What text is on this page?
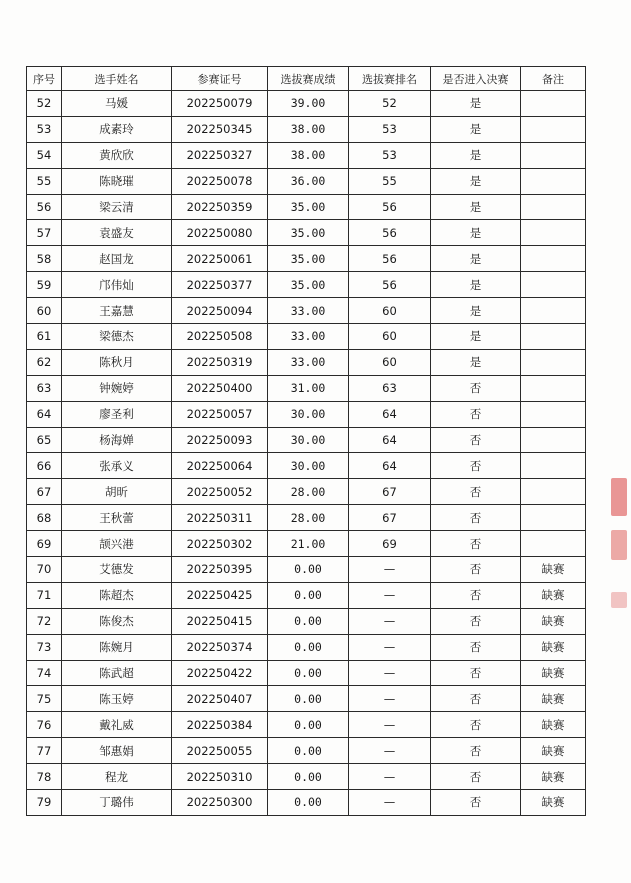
序号	选手姓名	参赛证号	选拔赛成绩	选拔赛排名	是否进入决赛	备注
52	马媛	202250079	39.00	52	是	
53	成素玲	202250345	38.00	53	是	
54	黄欣欣	202250327	38.00	53	是	
55	陈晓璀	202250078	36.00	55	是	
56	梁云清	202250359	35.00	56	是	
57	袁盛友	202250080	35.00	56	是	
58	赵国龙	202250061	35.00	56	是	
59	邝伟灿	202250377	35.00	56	是	
60	王嘉慧	202250094	33.00	60	是	
61	梁德杰	202250508	33.00	60	是	
62	陈秋月	202250319	33.00	60	是	
63	钟婉婷	202250400	31.00	63	否	
64	廖圣利	202250057	30.00	64	否	
65	杨海婵	202250093	30.00	64	否	
66	张承义	202250064	30.00	64	否	
67	胡昕	202250052	28.00	67	否	
68	王秋蕾	202250311	28.00	67	否	
69	颉兴港	202250302	21.00	69	否	
70	艾德发	202250395	0.00	—	否	缺赛
71	陈超杰	202250425	0.00	—	否	缺赛
72	陈俊杰	202250415	0.00	—	否	缺赛
73	陈婉月	202250374	0.00	—	否	缺赛
74	陈武超	202250422	0.00	—	否	缺赛
75	陈玉婷	202250407	0.00	—	否	缺赛
76	戴礼威	202250384	0.00	—	否	缺赛
77	邹惠娟	202250055	0.00	—	否	缺赛
78	程龙	202250310	0.00	—	否	缺赛
79	丁璐伟	202250300	0.00	—	否	缺赛
